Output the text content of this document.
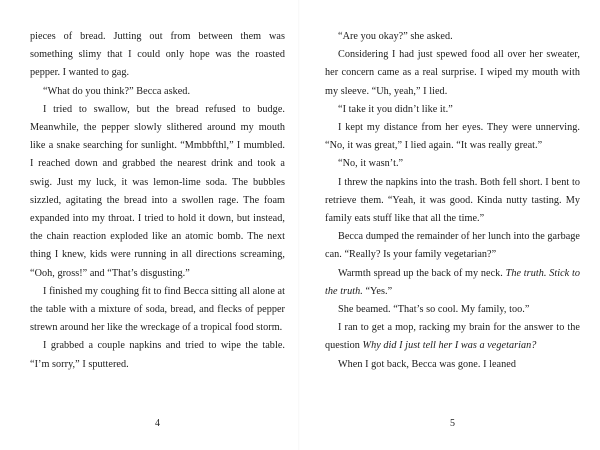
pieces of bread. Jutting out from between them was something slimy that I could only hope was the roasted pepper. I wanted to gag.

“What do you think?” Becca asked.

I tried to swallow, but the bread refused to budge. Meanwhile, the pepper slowly slithered around my mouth like a snake searching for sunlight. “Mmbbfthl,” I mumbled. I reached down and grabbed the nearest drink and took a swig. Just my luck, it was lemon-lime soda. The bubbles sizzled, agitating the bread into a swollen rage. The foam expanded into my throat. I tried to hold it down, but instead, the chain reaction exploded like an atomic bomb. The next thing I knew, kids were running in all directions screaming, “Ooh, gross!” and “That’s disgusting.”

I finished my coughing fit to find Becca sitting all alone at the table with a mixture of soda, bread, and flecks of pepper strewn around her like the wreckage of a tropical food storm.

I grabbed a couple napkins and tried to wipe the table. “I’m sorry,” I sputtered.

4

“Are you okay?” she asked.

Considering I had just spewed food all over her sweater, her concern came as a real surprise. I wiped my mouth with my sleeve. “Uh, yeah,” I lied.

“I take it you didn’t like it.”

I kept my distance from her eyes. They were unnerving. “No, it was great,” I lied again. “It was really great.”

“No, it wasn’t.”

I threw the napkins into the trash. Both fell short. I bent to retrieve them. “Yeah, it was good. Kinda nutty tasting. My family eats stuff like that all the time.”

Becca dumped the remainder of her lunch into the garbage can. “Really? Is your family vegetarian?”

Warmth spread up the back of my neck. The truth. Stick to the truth. “Yes.”

She beamed. “That’s so cool. My family, too.”

I ran to get a mop, racking my brain for the answer to the question Why did I just tell her I was a vegetarian?

When I got back, Becca was gone. I leaned

5
